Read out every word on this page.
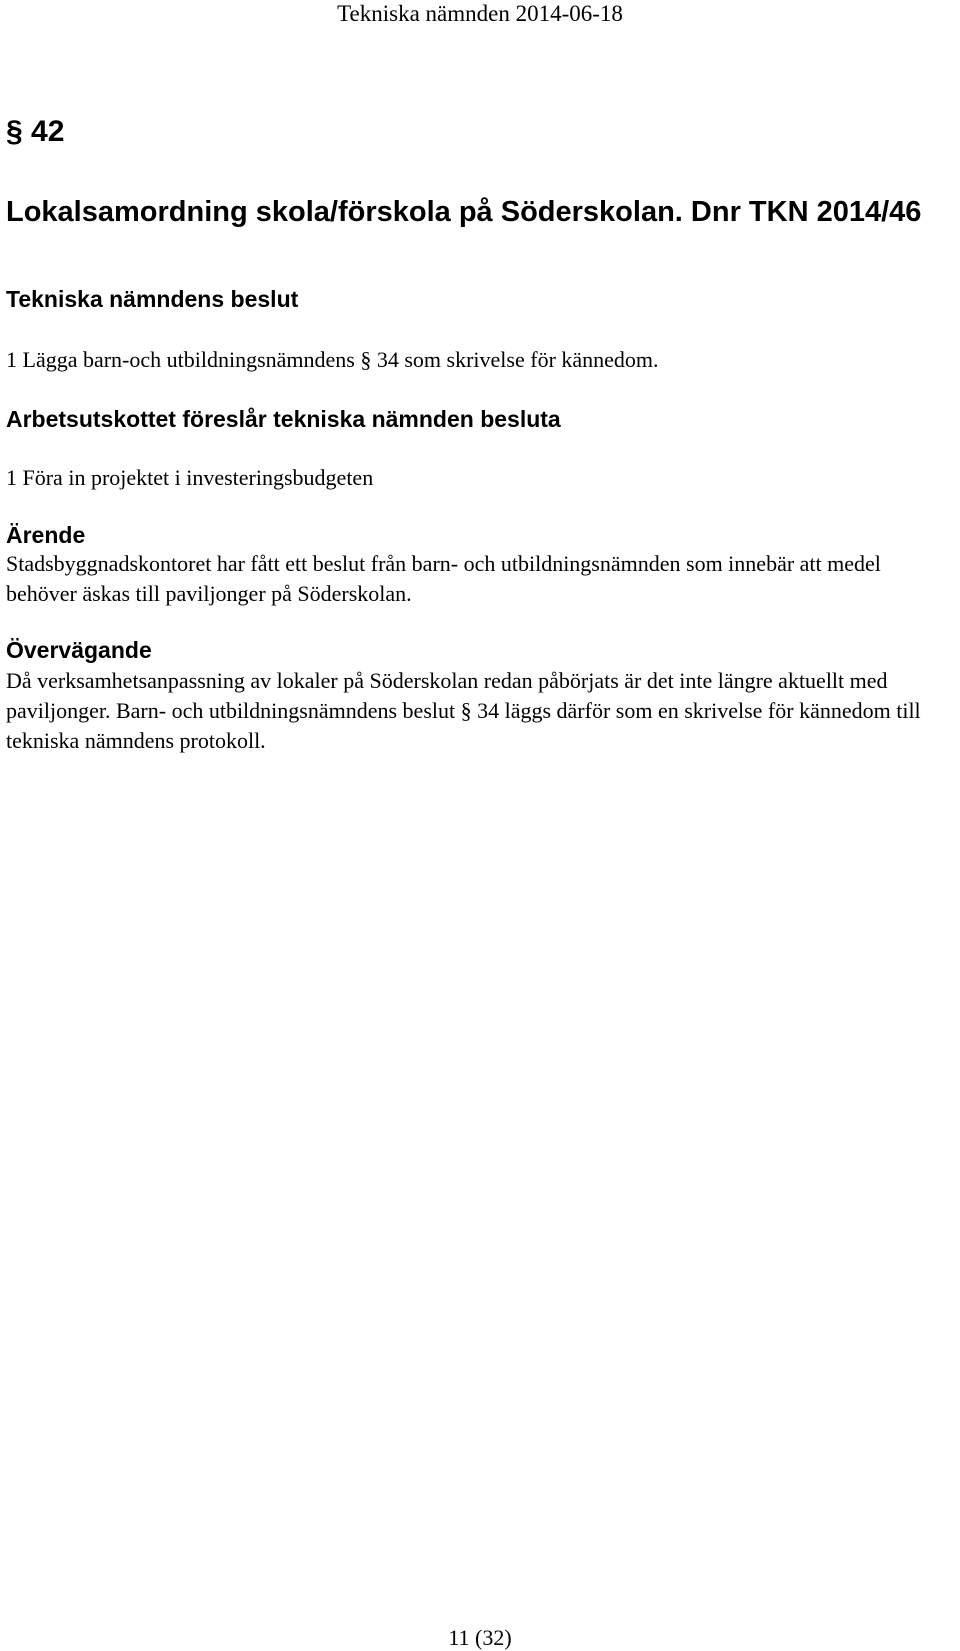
Tekniska nämnden 2014-06-18

§ 42

Lokalsamordning skola/förskola på Söderskolan. Dnr TKN 2014/46
Tekniska nämndens beslut

1 Lägga barn-och utbildningsnämndens § 34 som skrivelse för kännedom.

Arbetsutskottet föreslår tekniska nämnden besluta

1 Föra in projektet i investeringsbudgeten

Ärende

Stadsbyggnadskontoret har fått ett beslut från barn- och utbildningsnämnden som innebär att medel behöver äskas till paviljonger på Söderskolan.

Övervägande

Då verksamhetsanpassning av lokaler på Söderskolan redan påbörjats är det inte längre aktuellt med paviljonger. Barn- och utbildningsnämndens beslut § 34 läggs därför som en skrivelse för kännedom till tekniska nämndens protokoll.

11 (32)
